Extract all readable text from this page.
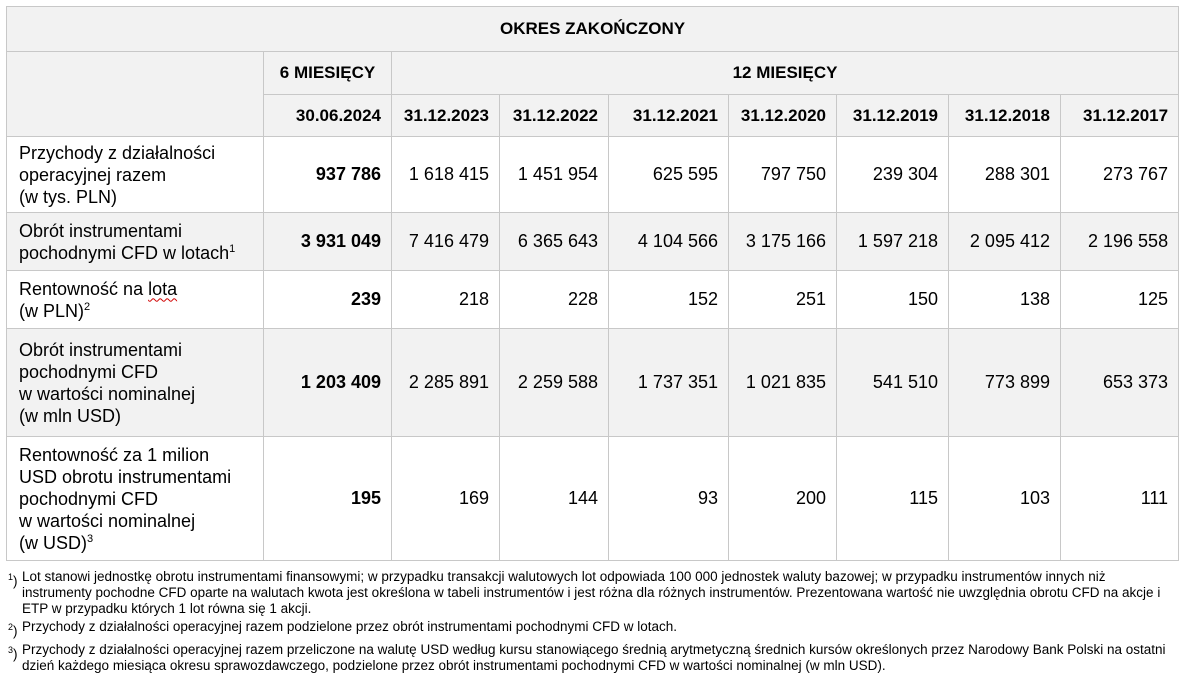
OKRES ZAKOŃCZONY								
	6 MIESIĘCY	12 MIESIĘCY						
	30.06.2024	31.12.2023	31.12.2022	31.12.2021	31.12.2020	31.12.2019	31.12.2018	31.12.2017
Przychody z działalności
operacyjnej razem
(w tys. PLN)	937 786	1 618 415	1 451 954	625 595	797 750	239 304	288 301	273 767
Obrót instrumentami
pochodnymi CFD w lotach$^1$	3 931 049	7 416 479	6 365 643	4 104 566	3 175 166	1 597 218	2 095 412	2 196 558
Rentowność na lota
(w PLN)$^2$	239	218	228	152	251	150	138	125
Obrót instrumentami
pochodnymi CFD
w wartości nominalnej
(w mln USD)	1 203 409	2 285 891	2 259 588	1 737 351	1 021 835	541 510	773 899	653 373
Rentowność za 1 milion
USD obrotu instrumentami
pochodnymi CFD
w wartości nominalnej
(w USD)$^3$	195	169	144	93	200	115	103	111
$^1$) Lot stanowi jednostkę obrotu instrumentami finansowymi; w przypadku transakcji walutowych lot odpowiada 100 000 jednostek waluty bazowej; w przypadku instrumentów innych niż instrumenty pochodne CFD oparte na walutach kwota jest określona w tabeli instrumentów i jest różna dla różnych instrumentów. Prezentowana wartość nie uwzględnia obrotu CFD na akcje i ETP w przypadku których 1 lot równa się 1 akcji.
$^2$) Przychody z działalności operacyjnej razem podzielone przez obrót instrumentami pochodnymi CFD w lotach.
$^3$) Przychody z działalności operacyjnej razem przeliczone na walutę USD według kursu stanowiącego średnią arytmetyczną średnich kursów określonych przez Narodowy Bank Polski na ostatni dzień każdego miesiąca okresu sprawozdawczego, podzielone przez obrót instrumentami pochodnymi CFD w wartości nominalnej (w mln USD).
